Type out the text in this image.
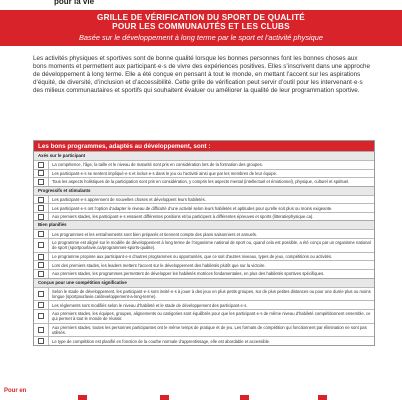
pour la vie
GRILLE DE VÉRIFICATION DU SPORT DE QUALITÉ
POUR LES COMMUNAUTÉS ET LES CLUBS
Basée sur le développement à long terme par le sport et l’activité physique

Les activités physiques et sportives sont de bonne qualité lorsque les bonnes personnes font les bonnes choses aux bons moments et permettent aux participant·e·s de vivre des expériences positives. Elles s’inscrivent dans une approche de développement à long terme. Elle a été conçue en pensant à tout le monde, en mettant l’accent sur les aspirations d’équité, de diversité, d’inclusion et d’accessibilité. Cette grille de vérification peut servir d’outil pour les intervenant·e·s des milieux communautaires et sportifs qui souhaitent évaluer ou améliorer la qualité de leur programmation sportive.

Les bons programmes, adaptés au développement, sont :
Axés sur le participant
La compétence, l’âge, la taille et le niveau de maturité sont pris en considération lors de la formation des groupes.
Les participant·e·s se sentent impliqué·e·s et inclus·e·s dans le jeu ou l’activité ainsi que par les membres de leur équipe.
Tous les aspects holistiques de la participation sont pris en considération, y compris les aspects mental (intellectuel et émotionnel), physique, culturel et spirituel.
Progressifs et stimulants
Les participant·e·s apprennent de nouvelles choses et développent leurs habiletés.
Les participant·e·s ont l’option d’adapter le niveau de difficulté d’une activité selon leurs habiletés et aptitudes pour qu’elle soit plus ou moins exigeante.
Aux premiers stades, les participant·e·s essaient différentes positions et/ou participent à différentes épreuves et sports (litteratiephysique.ca).
Bien planifiés
Les programmes et les entraînements sont bien préparés et tiennent compte des plans saisonniers et annuels.
Le programme est aligné sur le modèle de développement à long terme de l’organisme national de sport ou, quand cela est possible, a été conçu par un organisme national de sport (sportpourlavie.ca/programmes-sports-qualite).
Le programme propose aux participant·e·s d’autres programmes ou opportunités, que ce soit d’autres niveaux, types de jeux, compétitions ou activités.
Lors des premiers stades, les leaders mettent l’accent sur le développement des habiletés plutôt que sur la victoire.
Aux premiers stades, les programmes permettent de développer les habiletés motrices fondamentales, en plus des habiletés sportives spécifiques.
Conçus pour une compétition significative
Selon le stade de développement, les participant·e·s sont invité·e·s à jouer à des jeux en plus petits groupes, sur de plus petites distances ou pour une durée plus ou moins longue (sportpourlavie.ca/developpement-a-long-terme).
Les règlements sont modifiés selon le niveau d’habileté et le stade de développement des participant·e·s.
Aux premiers stades, les équipes, groupes, alignements ou catégories sont équilibrés pour que les participant·e·s de même niveau d’habileté compétitionnent ensemble, ce qui permet à tout le monde de réussir.
Aux premiers stades, toutes les personnes participantes ont le même temps de pratique et de jeu. Les formats de compétition qui fonctionnent par élimination ne sont pas utilisés.
Le type de compétition est planifié en fonction de la courbe normale d’apprentissage, elle est abordable et accessible.
Pour en
